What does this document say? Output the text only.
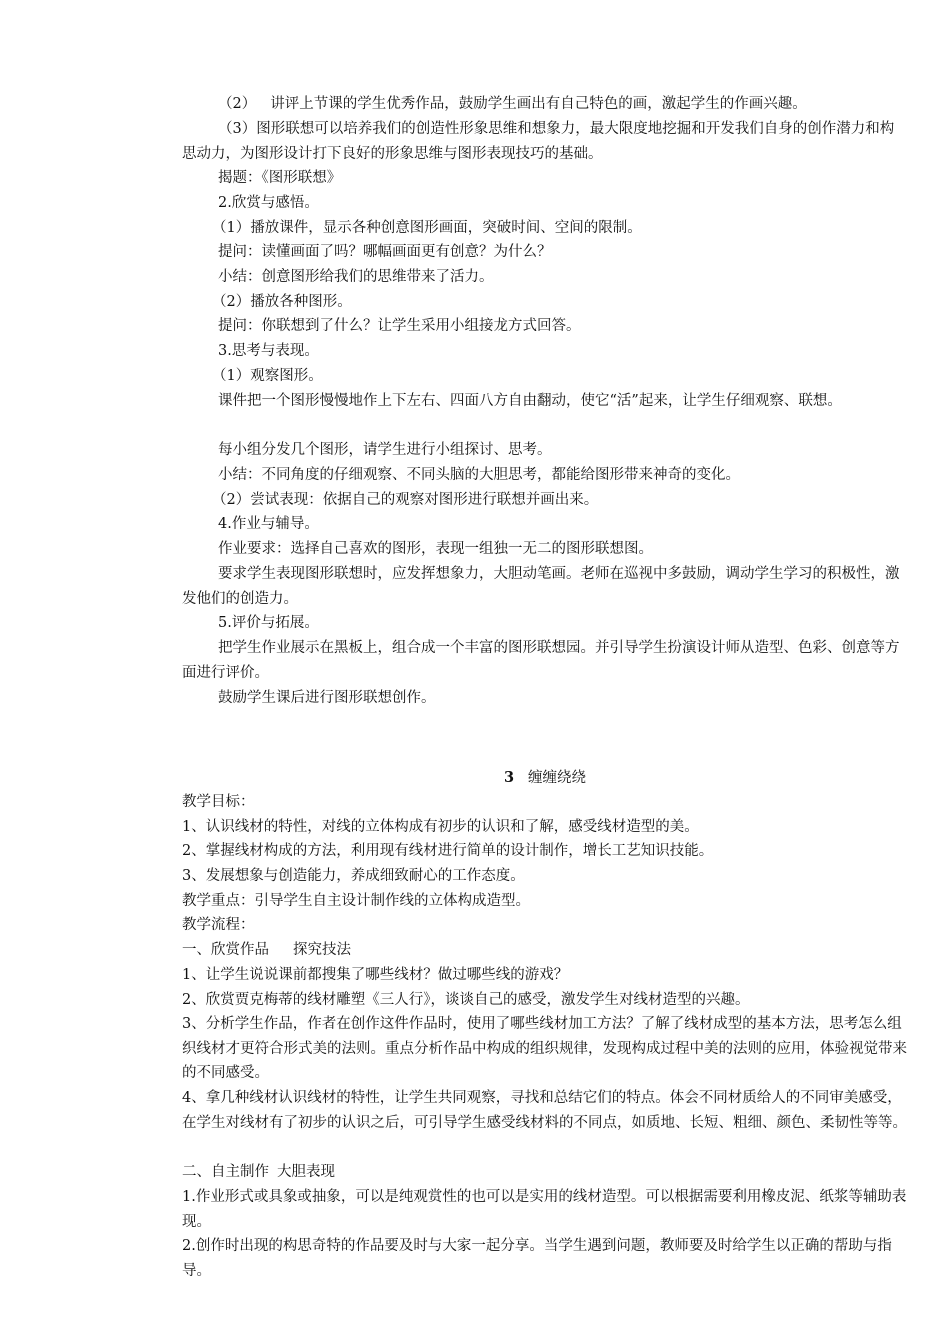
（2） 讲评上节课的学生优秀作品，鼓励学生画出有自己特色的画，激起学生的作画兴趣。

（3）图形联想可以培养我们的创造性形象思维和想象力，最大限度地挖掘和开发我们自身的创作潜力和构思动力，为图形设计打下良好的形象思维与图形表现技巧的基础。

揭题：《图形联想》

2.欣赏与感悟。

（1）播放课件，显示各种创意图形画面，突破时间、空间的限制。

提问：读懂画面了吗？哪幅画面更有创意？为什么？

小结：创意图形给我们的思维带来了活力。

（2）播放各种图形。

提问：你联想到了什么？让学生采用小组接龙方式回答。

3.思考与表现。

（1）观察图形。

课件把一个图形慢慢地作上下左右、四面八方自由翻动，使它“活”起来，让学生仔细观察、联想。

每小组分发几个图形，请学生进行小组探讨、思考。

小结：不同角度的仔细观察、不同头脑的大胆思考，都能给图形带来神奇的变化。

（2）尝试表现：依据自己的观察对图形进行联想并画出来。

4.作业与辅导。

作业要求：选择自己喜欢的图形，表现一组独一无二的图形联想图。

要求学生表现图形联想时，应发挥想象力，大胆动笔画。老师在巡视中多鼓励，调动学生学习的积极性，激发他们的创造力。

5.评价与拓展。

把学生作业展示在黑板上，组合成一个丰富的图形联想园。并引导学生扮演设计师从造型、色彩、创意等方面进行评价。

鼓励学生课后进行图形联想创作。

3 缠缠绕绕

教学目标：

1、认识线材的特性，对线的立体构成有初步的认识和了解，感受线材造型的美。

2、掌握线材构成的方法，利用现有线材进行简单的设计制作，增长工艺知识技能。

3、发展想象与创造能力，养成细致耐心的工作态度。

教学重点：引导学生自主设计制作线的立体构成造型。

教学流程：

一、欣赏作品 探究技法

1、让学生说说课前都搜集了哪些线材？做过哪些线的游戏？

2、欣赏贾克梅蒂的线材雕塑《三人行》，谈谈自己的感受，激发学生对线材造型的兴趣。

3、分析学生作品，作者在创作这件作品时，使用了哪些线材加工方法？了解了线材成型的基本方法，思考怎么组织线材才更符合形式美的法则。重点分析作品中构成的组织规律，发现构成过程中美的法则的应用，体验视觉带来的不同感受。

4、拿几种线材认识线材的特性，让学生共同观察，寻找和总结它们的特点。体会不同材质给人的不同审美感受，在学生对线材有了初步的认识之后，可引导学生感受线材料的不同点，如质地、长短、粗细、颜色、柔韧性等等。

二、自主制作 大胆表现

1.作业形式或具象或抽象，可以是纯观赏性的也可以是实用的线材造型。可以根据需要利用橡皮泥、纸浆等辅助表现。

2.创作时出现的构思奇特的作品要及时与大家一起分享。当学生遇到问题，教师要及时给学生以正确的帮助与指导。
